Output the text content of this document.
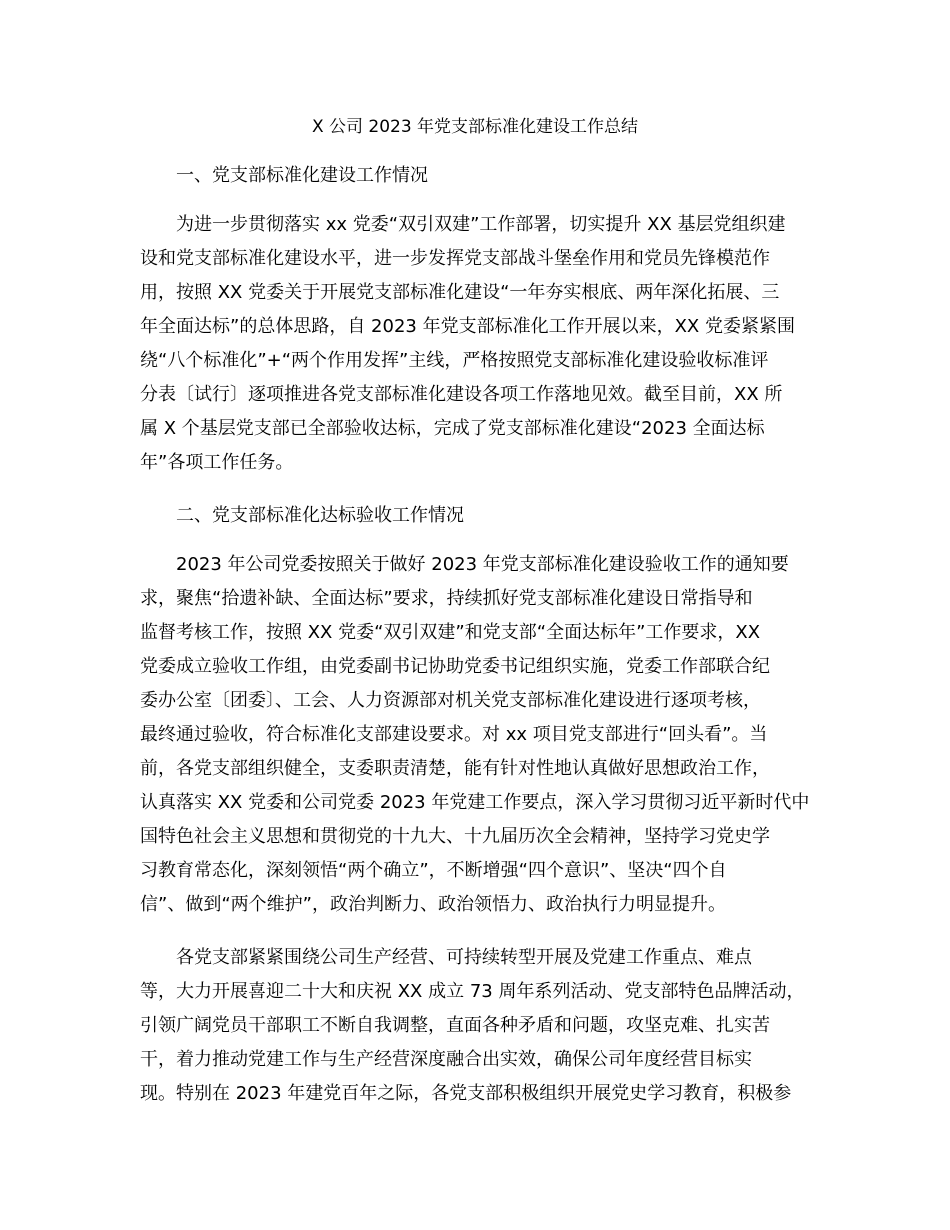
X 公司 2023 年党支部标准化建设工作总结
一、党支部标准化建设工作情况

为进一步贯彻落实 xx 党委“双引双建”工作部署，切实提升 XX 基层党组织建

设和党支部标准化建设水平，进一步发挥党支部战斗堡垒作用和党员先锋模范作

用，按照 XX 党委关于开展党支部标准化建设“一年夯实根底、两年深化拓展、三

年全面达标”的总体思路，自 2023 年党支部标准化工作开展以来，XX 党委紧紧围

绕“八个标准化”+“两个作用发挥”主线，严格按照党支部标准化建设验收标准评

分表〔试行〕逐项推进各党支部标准化建设各项工作落地见效。截至目前，XX 所

属 X 个基层党支部已全部验收达标，完成了党支部标准化建设“2023 全面达标

年”各项工作任务。

二、党支部标准化达标验收工作情况

2023 年公司党委按照关于做好 2023 年党支部标准化建设验收工作的通知要

求，聚焦“拾遗补缺、全面达标”要求，持续抓好党支部标准化建设日常指导和

监督考核工作，按照 XX 党委“双引双建”和党支部“全面达标年”工作要求，XX

党委成立验收工作组，由党委副书记协助党委书记组织实施，党委工作部联合纪

委办公室〔团委〕、工会、人力资源部对机关党支部标准化建设进行逐项考核，

最终通过验收，符合标准化支部建设要求。对 xx 项目党支部进行“回头看”。当

前，各党支部组织健全，支委职责清楚，能有针对性地认真做好思想政治工作，

认真落实 XX 党委和公司党委 2023 年党建工作要点，深入学习贯彻习近平新时代中

国特色社会主义思想和贯彻党的十九大、十九届历次全会精神，坚持学习党史学

习教育常态化，深刻领悟“两个确立”，不断增强“四个意识”、坚决“四个自

信”、做到“两个维护”，政治判断力、政治领悟力、政治执行力明显提升。

各党支部紧紧围绕公司生产经营、可持续转型开展及党建工作重点、难点

等，大力开展喜迎二十大和庆祝 XX 成立 73 周年系列活动、党支部特色品牌活动，

引领广阔党员干部职工不断自我调整，直面各种矛盾和问题，攻坚克难、扎实苦

干，着力推动党建工作与生产经营深度融合出实效，确保公司年度经营目标实

现。特别在 2023 年建党百年之际，各党支部积极组织开展党史学习教育，积极参
